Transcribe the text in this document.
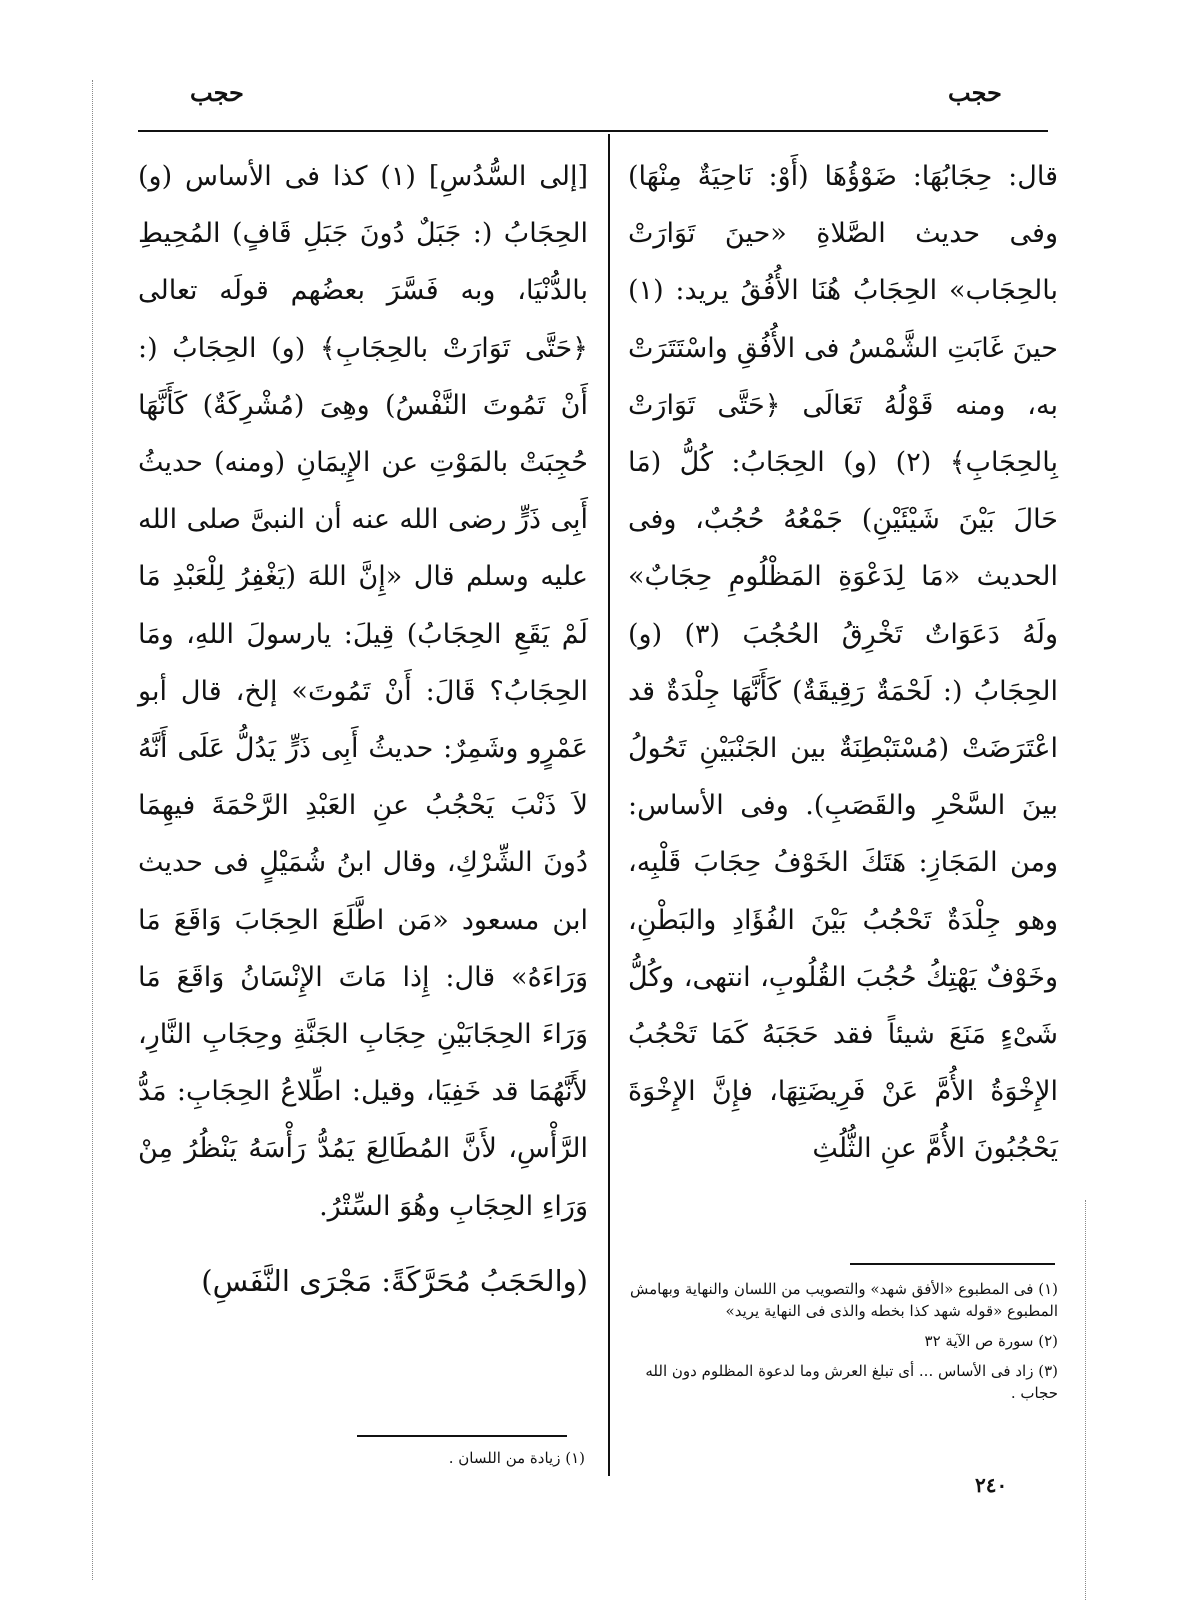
حجب
حجب

قال: حِجَابُهَا: ضَوْؤُهَا (أَوْ: نَاحِيَةٌ مِنْهَا) وفى حديث الصَّلاةِ «حينَ تَوَارَتْ بالحِجَاب» الحِجَابُ هُنَا الأُفُقُ يريد: (١) حينَ غَابَتِ الشَّمْسُ فى الأُفُقِ واسْتَتَرَتْ به، ومنه قَوْلُهُ تَعَالَى ﴿حَتَّى تَوَارَتْ بِالحِجَابِ﴾ (٢) (و) الحِجَابُ: كُلُّ (مَا حَالَ بَيْنَ شَيْئَيْنِ) جَمْعُهُ حُجُبٌ، وفى الحديث «مَا لِدَعْوَةِ المَظْلُومِ حِجَابٌ» ولَهُ دَعَوَاتٌ تَخْرِقُ الحُجُبَ (٣) (و) الحِجَابُ (: لَحْمَةٌ رَقِيقَةٌ) كَأَنَّهَا جِلْدَةٌ قد اعْتَرَضَتْ (مُسْتَبْطِنَةٌ بين الجَنْبَيْنِ تَحُولُ بينَ السَّحْرِ والقَصَبِ). وفى الأساس: ومن المَجَازِ: هَتَكَ الخَوْفُ حِجَابَ قَلْبِه، وهو جِلْدَةٌ تَحْجُبُ بَيْنَ الفُؤَادِ والبَطْنِ، وخَوْفٌ يَهْتِكُ حُجُبَ القُلُوبِ، انتهى، وكُلُّ شَىْءٍ مَنَعَ شيئاً فقد حَجَبَهُ كَمَا تَحْجُبُ الإِخْوَةُ الأُمَّ عَنْ فَرِيضَتِهَا، فإِنَّ الإِخْوَةَ يَحْجُبُونَ الأُمَّ عنِ الثُّلُثِ

[إلى السُّدُسِ] (١) كذا فى الأساس (و) الحِجَابُ (: جَبَلٌ دُونَ جَبَلِ قَافٍ) المُحِيطِ بالدُّنْيَا، وبه فَسَّرَ بعضُهم قولَه تعالى ﴿حَتَّى تَوَارَتْ بالحِجَابِ﴾ (و) الحِجَابُ (: أَنْ تَمُوتَ النَّفْسُ) وهِىَ (مُشْرِكَةٌ) كَأَنَّهَا حُجِبَتْ بالمَوْتِ عن الإِيمَانِ (ومنه) حديثُ أَبِى ذَرٍّ رضى الله عنه أن النبىَّ صلى الله عليه وسلم قال «إِنَّ اللهَ (يَغْفِرُ لِلْعَبْدِ مَا لَمْ يَقَعِ الحِجَابُ) قِيلَ: يارسولَ اللهِ، ومَا الحِجَابُ؟ قَالَ: أَنْ تَمُوتَ» إلخ، قال أبو عَمْرٍو وشَمِرٌ: حديثُ أَبِى ذَرٍّ يَدُلُّ عَلَى أَنَّهُ لاَ ذَنْبَ يَحْجُبُ عنِ العَبْدِ الرَّحْمَةَ فيهِمَا دُونَ الشِّرْكِ، وقال ابنُ شُمَيْلٍ فى حديث ابن مسعود «مَن اطَّلَعَ الحِجَابَ وَاقَعَ مَا وَرَاءَهُ» قال: إِذا مَاتَ الإِنْسَانُ وَاقَعَ مَا وَرَاءَ الحِجَابَيْنِ حِجَابِ الجَنَّةِ وحِجَابِ النَّارِ، لأَنَّهُمَا قد خَفِيَا، وقيل: اطِّلاعُ الحِجَابِ: مَدُّ الرَّأْسِ، لأَنَّ المُطَالِعَ يَمُدُّ رَأْسَهُ يَنْظُرُ مِنْ وَرَاءِ الحِجَابِ وهُوَ السِّتْرُ.

(والحَجَبُ مُحَرَّكَةً: مَجْرَى النَّفَسِ)	(١) فى المطبوع «الأفق شهد» والتصويب من اللسان والنهاية وبهامش المطبوع «قوله شهد كذا بخطه والذى فى النهاية يريد»

(٢) سورة ص الآية ٣٢

(٣) زاد فى الأساس ... أى تبلغ العرش وما لدعوة المظلوم دون الله حجاب .

(١) زيادة من اللسان .

٢٤٠
